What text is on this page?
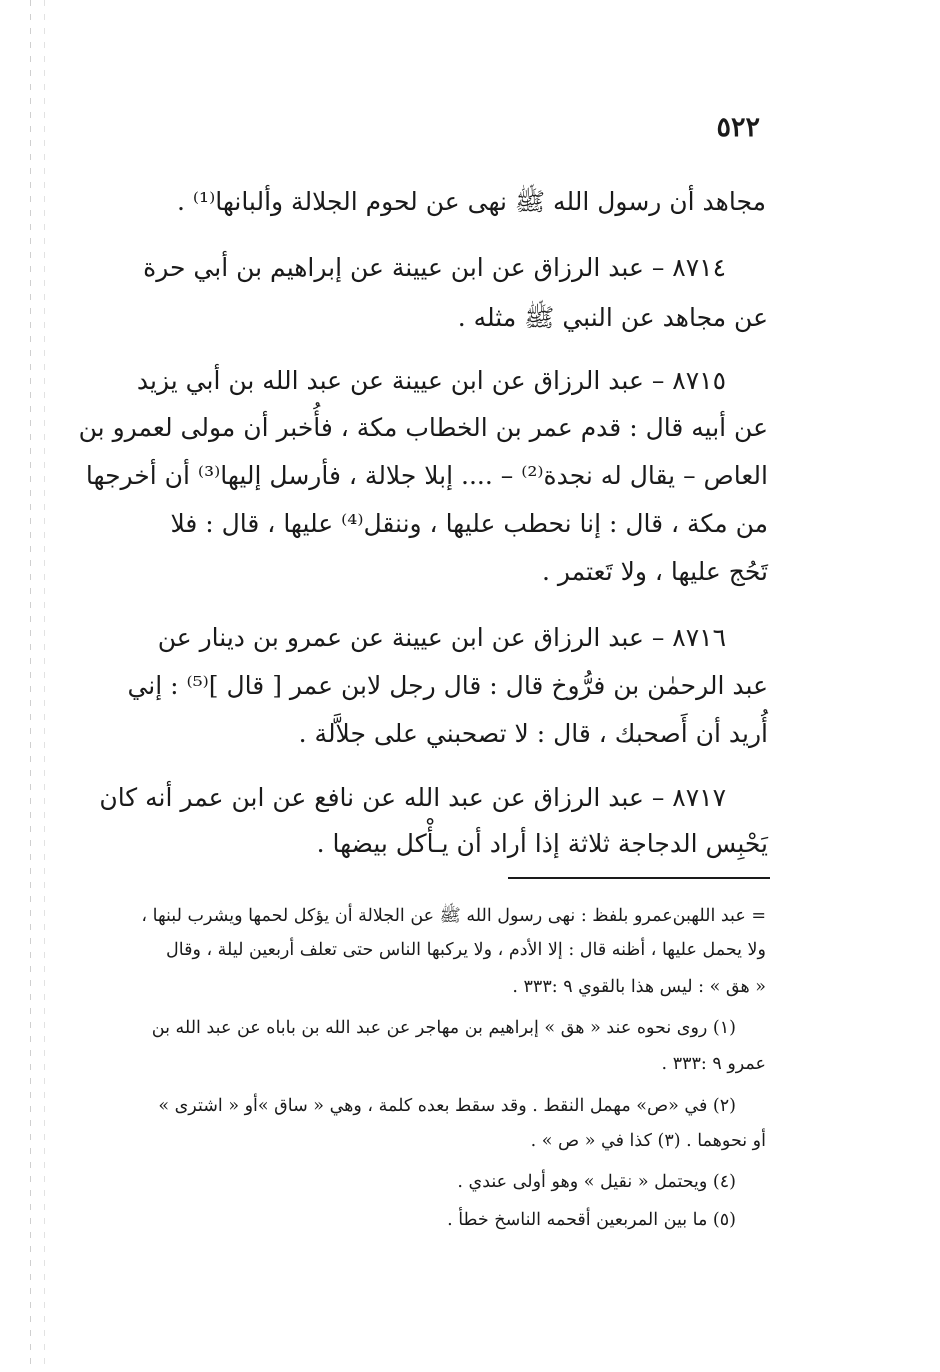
٥٢٢
مجاهد أن رسول الله ﷺ نهى عن لحوم الجلالة وألبانها⁽¹⁾ .
٨٧١٤ – عبد الرزاق عن ابن عيينة عن إبراهيم بن أبي حرة
عن مجاهد عن النبي ﷺ مثله .
٨٧١٥ – عبد الرزاق عن ابن عيينة عن عبد الله بن أبي يزيد
عن أبيه قال : قدم عمر بن الخطاب مكة ، فأُخبر أن مولى لعمرو بن
العاص – يقال له نجدة⁽²⁾ – .... إبلا جلالة ، فأرسل إليها⁽³⁾ أن أخرجها
من مكة ، قال : إنا نحطب عليها ، وننقل⁽⁴⁾ عليها ، قال : فلا
تَحُج عليها ، ولا تَعتمر .
٨٧١٦ – عبد الرزاق عن ابن عيينة عن عمرو بن دينار عن
عبد الرحمٰن بن فرُّوخ قال : قال رجل لابن عمر [ قال ]⁽⁵⁾ : إني
أُريد أن أَصحبك ، قال : لا تصحبني على جلاَّلة .
٨٧١٧ – عبد الرزاق عن عبد الله عن نافع عن ابن عمر أنه كان
يَحْبِس الدجاجة ثلاثة إذا أراد أن يـأْكل بيضها .
= عبد اللهبن‌عمرو بلفظ : نهى رسول الله ﷺ عن الجلالة أن يؤكل لحمها ويشرب لبنها ،
ولا يحمل عليها ، أظنه قال : إلا الأدم ، ولا يركبها الناس حتى تعلف أربعين ليلة ، وقال
« هق » : ليس هذا بالقوي ٩ :٣٣٣ .
(١) روى نحوه عند « هق » إبراهيم بن مهاجر عن عبد الله بن باباه عن عبد الله بن
عمرو ٩ :٣٣٣ .
(٢) في «ص» مهمل النقط . وقد سقط بعده كلمة ، وهي « ساق »أو « اشترى »
أو نحوهما . (٣) كذا في « ص » .
(٤) ويحتمل « نقيل » وهو أولى عندي .
(٥) ما بين المربعين أقحمه الناسخ خطأ .
